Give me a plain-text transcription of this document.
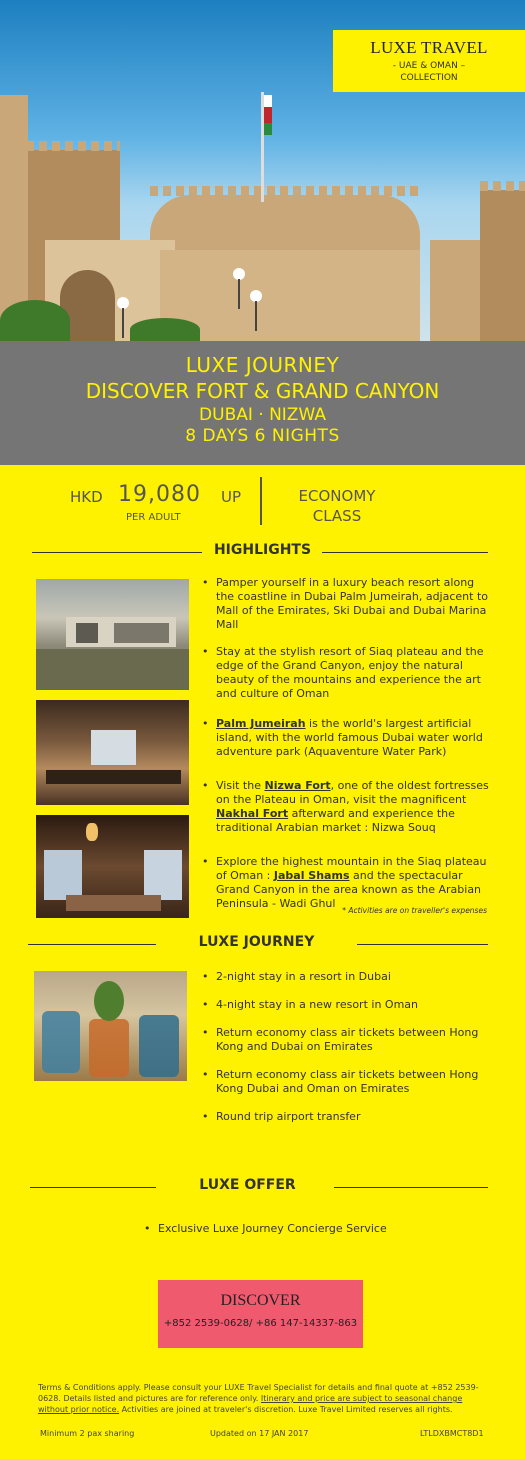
LUXE TRAVEL
- UAE & OMAN –
COLLECTION
LUXE JOURNEY
DISCOVER FORT & GRAND CANYON
DUBAI · NIZWA
8 DAYS 6 NIGHTS
HKD 19,080 UP
PER ADULT
ECONOMY
CLASS
HIGHLIGHTS
• Pamper yourself in a luxury beach resort along the coastline in Dubai Palm Jumeirah, adjacent to Mall of the Emirates, Ski Dubai and Dubai Marina Mall
• Stay at the stylish resort of Siaq plateau and the edge of the Grand Canyon, enjoy the natural beauty of the mountains and experience the art and culture of Oman
• Palm Jumeirah is the world's largest artificial island, with the world famous Dubai water world adventure park (Aquaventure Water Park)
• Visit the Nizwa Fort, one of the oldest fortresses on the Plateau in Oman, visit the magnificent Nakhal Fort afterward and experience the traditional Arabian market : Nizwa Souq
• Explore the highest mountain in the Siaq plateau of Oman : Jabal Shams and the spectacular Grand Canyon in the area known as the Arabian Peninsula - Wadi Ghul
* Activities are on traveller's expenses
LUXE JOURNEY
• 2-night stay in a resort in Dubai
• 4-night stay in a new resort in Oman
• Return economy class air tickets between Hong Kong and Dubai on Emirates
• Return economy class air tickets between Hong Kong Dubai and Oman on Emirates
• Round trip airport transfer
LUXE OFFER
• Exclusive Luxe Journey Concierge Service
DISCOVER
+852 2539-0628/ +86 147-14337-863
Terms & Conditions apply. Please consult your LUXE Travel Specialist for details and final quote at +852 2539-0628. Details listed and pictures are for reference only. Itinerary and price are subject to seasonal change without prior notice. Activities are joined at traveler's discretion. Luxe Travel Limited reserves all rights.
Minimum 2 pax sharing	Updated on 17 JAN 2017	LTLDXBMCT8D1
